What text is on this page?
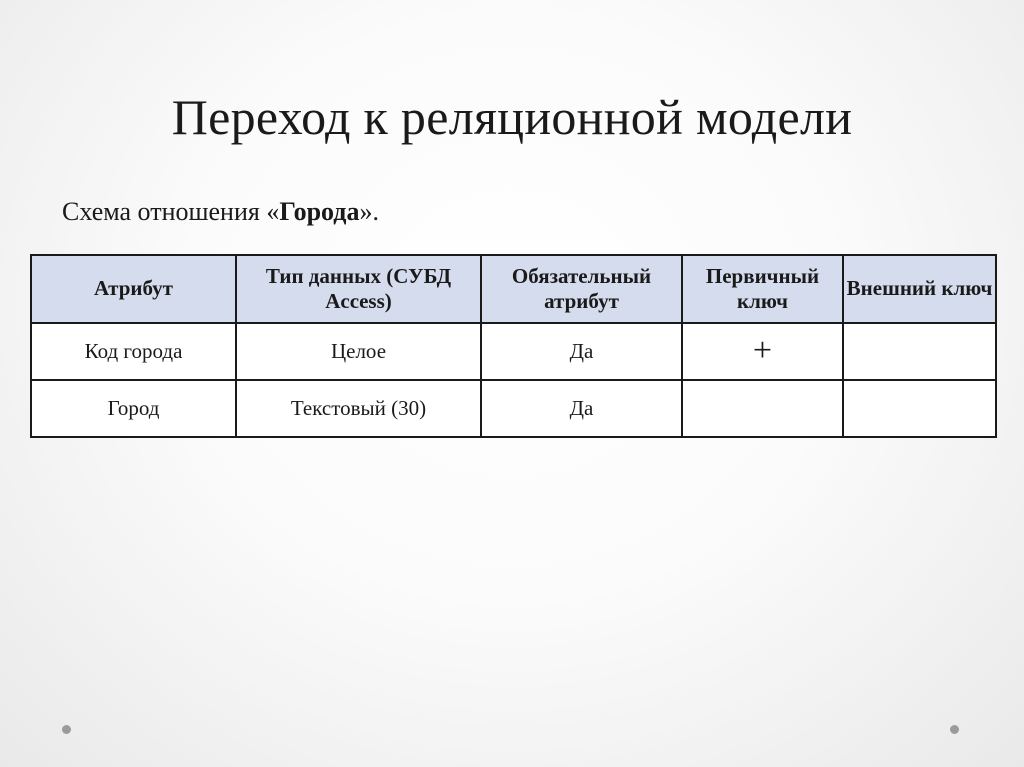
Переход к реляционной модели

Схема отношения «Города».

Атрибут	Тип данных (СУБД Access)	Обязательный атрибут	Первичный ключ	Внешний ключ
Код города	Целое	Да	+	
Город	Текстовый (30)	Да		
